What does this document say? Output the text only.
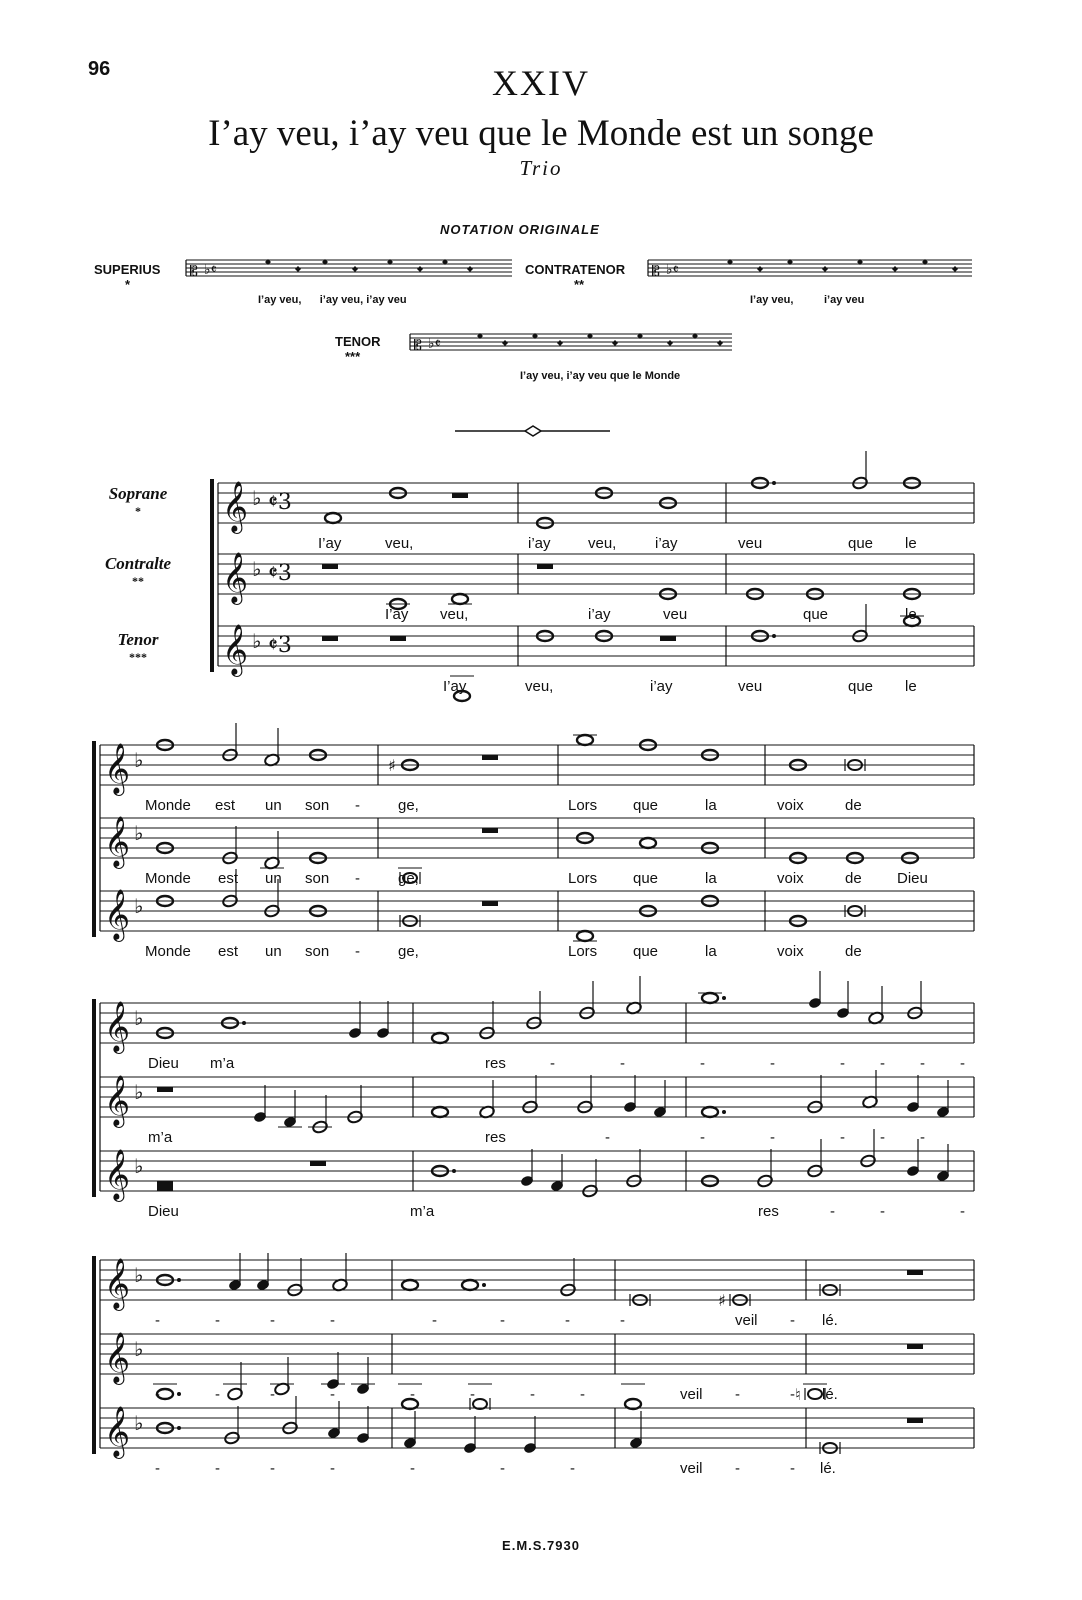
96	XXIV
I’ay veu, i’ay veu que le Monde est un songe
Trio
NOTATION ORIGINALE
SUPERIUS
*
I’ay veu,      i’ay veu, i’ay veu
CONTRATENOR
**
I’ay veu,          i’ay veu
TENOR
***
I’ay veu, i’ay veu que le Monde
Soprane
*
Contralte
**
Tenor
***
𝄡 ♭𝄵	𝄡 ♭𝄵
𝄡 ♭𝄵
𝄞 ♭ 𝄵3
𝄞 ♭ 𝄵3
𝄞 ♭ 𝄵3
𝄞 ♭	♯
𝄞 ♭
𝄞 ♭
𝄞 ♭
𝄞 ♭
𝄞 ♭
𝄞 ♭
♯
𝄞 ♭
♮
𝄞 ♭
I’ay	veu,	i’ay veu,	i’ay	veu	que le
I’ay veu,	i’ay	veu	que	le
I’ay	veu,	i’ay	veu	que le
Monde est un son -	ge,	Lors que	la	voix	de
Monde est un son -	ge,	Lors que	la	voix	de Dieu
Monde est un son -	ge,	Lors que	la	voix	de
Dieu m’a	res	-	-	-	-	- - - -
m’a	res	-	-	-	- - -
Dieu	m’a	res	-	-	-
-	-	-	-	-	-	-	-	veil - lé.
-	-	-	-	-	-	-	-	veil -	- lé.
-	-	-	-	-	-	-	veil -	- lé.
E.M.S.7930
